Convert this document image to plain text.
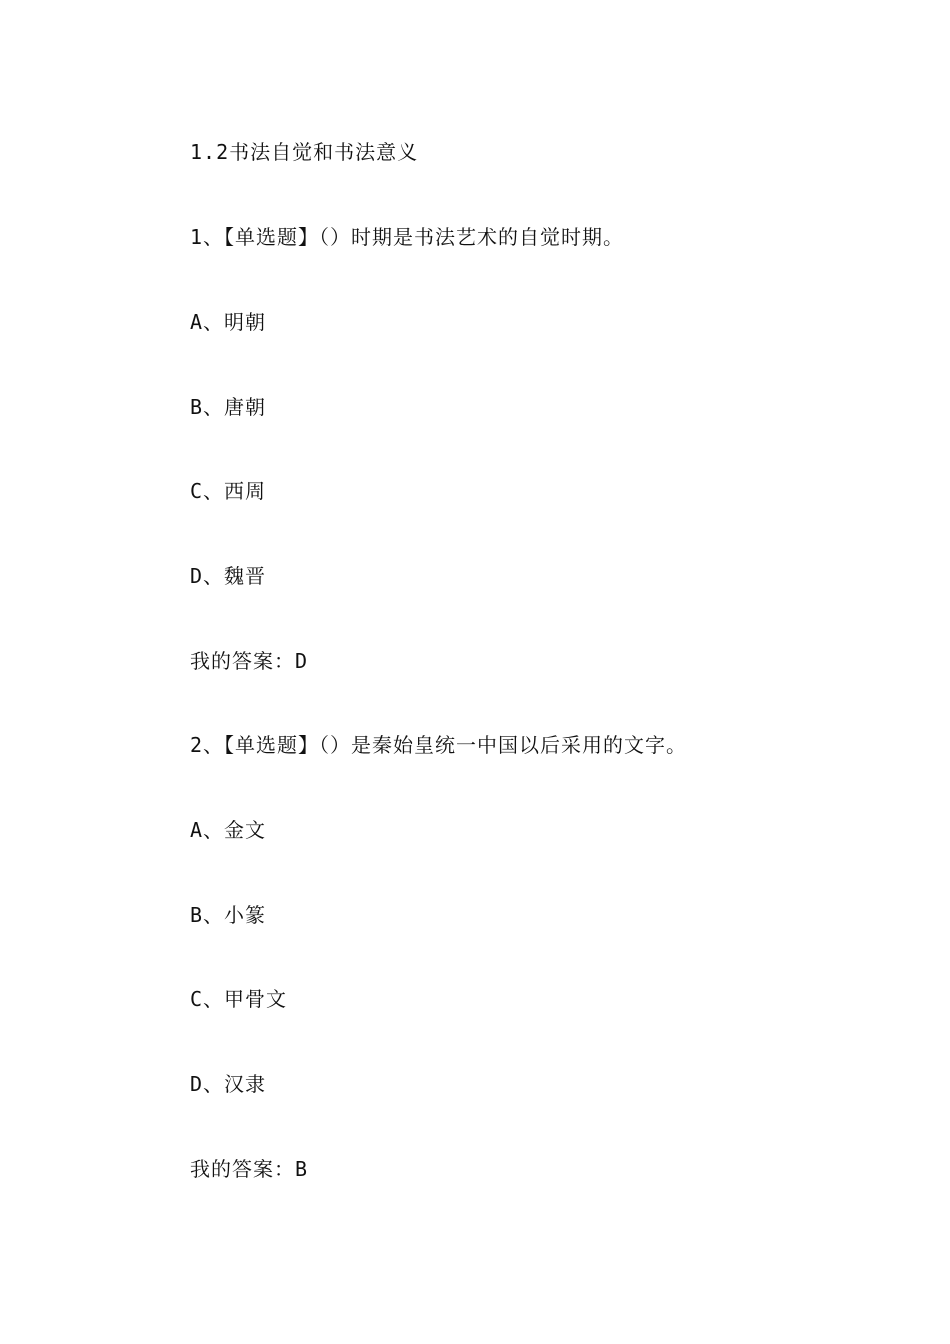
1.2书法自觉和书法意义
1、【单选题】（）时期是书法艺术的自觉时期。
A、明朝
B、唐朝
C、西周
D、魏晋
我的答案：D
2、【单选题】（）是秦始皇统一中国以后采用的文字。
A、金文
B、小篆
C、甲骨文
D、汉隶
我的答案：B
